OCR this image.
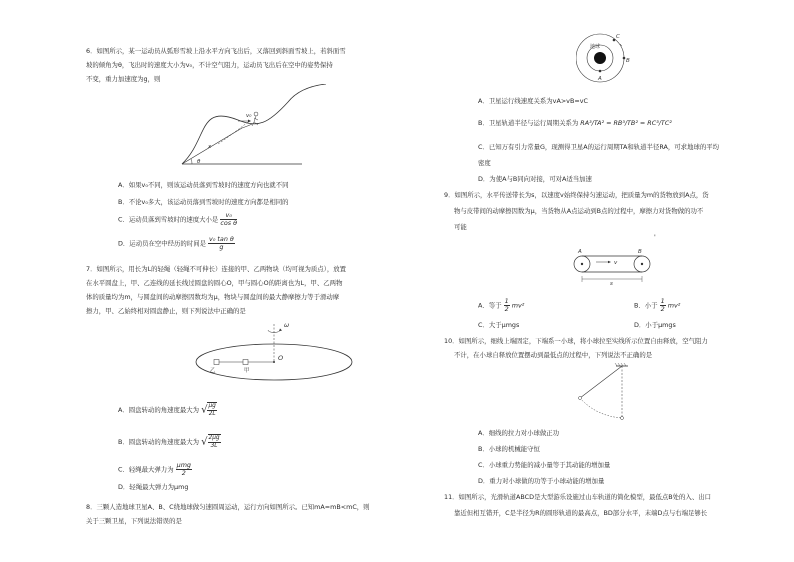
6．如图所示，某一运动员从弧形雪坡上沿水平方向飞出后，又落回到斜面雪坡上，若斜面雪
坡的倾角为θ，飞出时的速度大小为v₀，不计空气阻力，运动员飞出后在空中的姿势保持
不变，重力加速度为g，则
v₀
x
θ
A．如果v₀不同，则该运动员落到雪坡时的速度方向也就不同
B．不论v₀多大，该运动员落到雪坡时的速度方向都是相同的
C．运动员落到雪坡时的速度大小是 $\frac{\text{v₀}}{\text{cos θ}}$
D．运动员在空中经历的时间是 $\frac{\text{v₀ tan θ}}{g}$
7．如图所示，用长为L的轻绳（轻绳不可伸长）连接的甲、乙两物块（均可视为质点），放置
在水平圆盘上，甲、乙连线的延长线过圆盘的圆心O，甲与圆心O的距离也为L，甲、乙两物
体的质量均为m，与圆盘间的动摩擦因数均为μ，物块与圆盘间的最大静摩擦力等于滑动摩
擦力，甲、乙始终相对圆盘静止，则下列说法中正确的是
ω
O
甲
乙
A．圆盘转动的角速度最大为 √ $\frac{\mu g}{2L}$
B．圆盘转动的角速度最大为 √ $\frac{2\mu g}{3L}$
C．轻绳最大弹力为 $\frac{\text{μmg}}{2}$
D．轻绳最大弹力为μmg
8．三颗人造地球卫星A、B、C绕地球做匀速圆周运动，运行方向如图所示。已知mA=mB<mC，则
关于三颗卫星，下列说法错误的是
地球
A
B
C
A．卫星运行线速度关系为vA>vB=vC
B．卫星轨道半径与运行周期关系为 RA³/TA² = RB³/TB² = RC³/TC²
C．已知万有引力常量G，现测得卫星A的运行周期TA和轨道半径RA，可求地球的平均
密度
D．为使A与B同向对接，可对A适当加速
9．如图所示，水平传送带长为s，以速度v始终保持匀速运动，把质量为m的货物放到A点，货
物与皮带间的动摩擦因数为μ，当货物从A点运动到B点的过程中，摩擦力对货物做的功不
可能
'
A	B
v
s
A．等于 $\frac{1}{2} mv^2$	B．小于 $\frac{1}{2} mv^2$
C．大于μmgs	D．小于μmgs
10．如图所示，细线上端固定，下端系一小球，将小球拉至实线所示位置自由释放，空气阻力
不计，在小球自释放位置摆动到最低点的过程中，下列说法不正确的是
A．细线的拉力对小球做正功
B．小球的机械能守恒
C．小球重力势能的减小量等于其动能的增加量
D．重力对小球做的功等于小球动能的增加量
11．如图所示，光滑轨道ABCD是大型游乐设施过山车轨道的简化模型，最低点B处的入、出口
靠近但相互错开，C是半径为R的圆形轨道的最高点，BD部分水平，末端D点与右端足够长
